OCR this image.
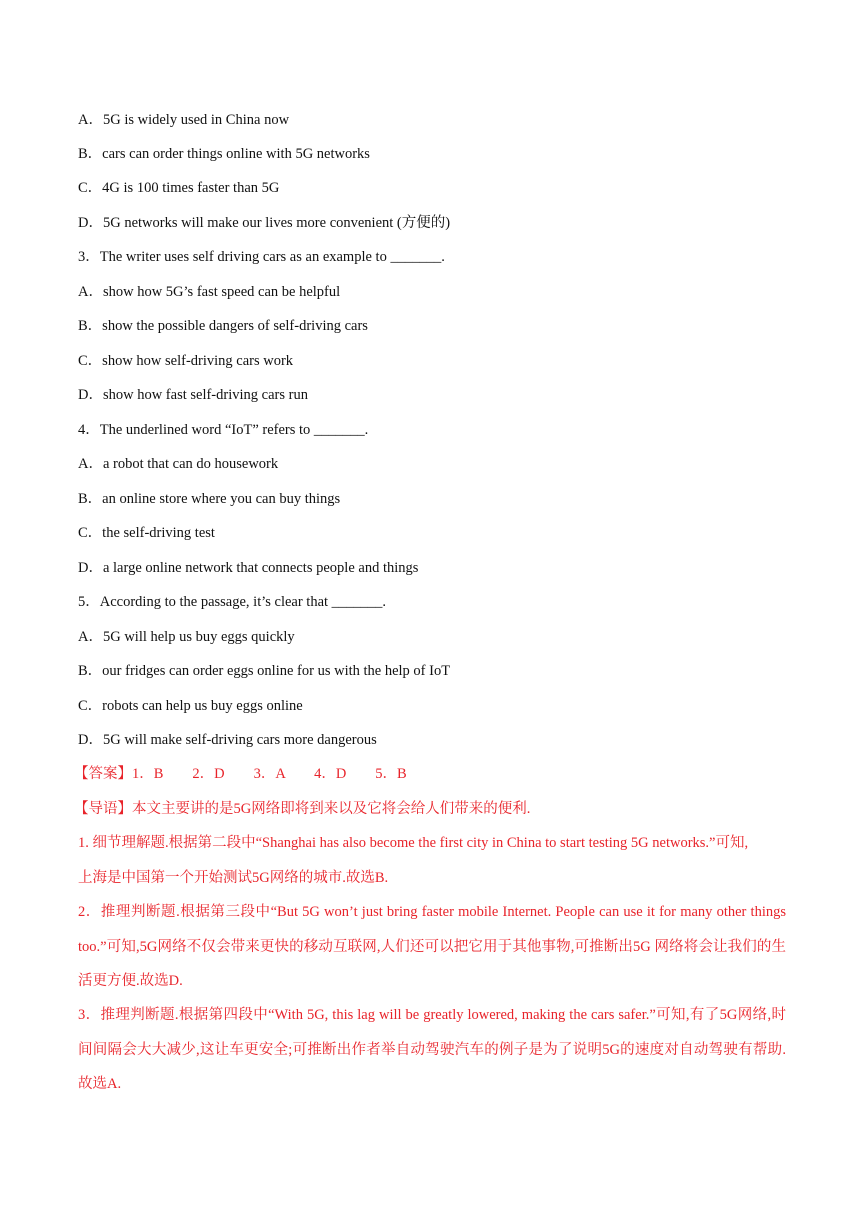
A．5G is widely used in China now
B．cars can order things online with 5G networks
C．4G is 100 times faster than 5G
D．5G networks will make our lives more convenient (方便的)
3．The writer uses self driving cars as an example to _______.
A．show how 5G’s fast speed can be helpful
B．show the possible dangers of self-driving cars
C．show how self-driving cars work
D．show how fast self-driving cars run
4．The underlined word “IoT” refers to _______.
A．a robot that can do housework
B．an online store where you can buy things
C．the self-driving test
D．a large online network that connects people and things
5．According to the passage, it’s clear that _______.
A．5G will help us buy eggs quickly
B．our fridges can order eggs online for us with the help of IoT
C．robots can help us buy eggs online
D．5G will make self-driving cars more dangerous
【答案】1．B　　2．D　　3．A　　4．D　　5．B
【导语】本文主要讲的是5G网络即将到来以及它将会给人们带来的便利.
1. 细节理解题.根据第二段中“Shanghai has also become the first city in China to start testing 5G networks.”可知,
上海是中国第一个开始测试5G网络的城市.故选B.
2．推理判断题.根据第三段中“But 5G won’t just bring faster mobile Internet. People can use it for many other things too.”可知,5G网络不仅会带来更快的移动互联网,人们还可以把它用于其他事物,可推断出5G 网络将会让我们的生活更方便.故选D.
3．推理判断题.根据第四段中“With 5G, this lag will be greatly lowered, making the cars safer.”可知,有了5G网络,时间间隔会大大减少,这让车更安全;可推断出作者举自动驾驶汽车的例子是为了说明5G的速度对自动驾驶有帮助.故选A.
